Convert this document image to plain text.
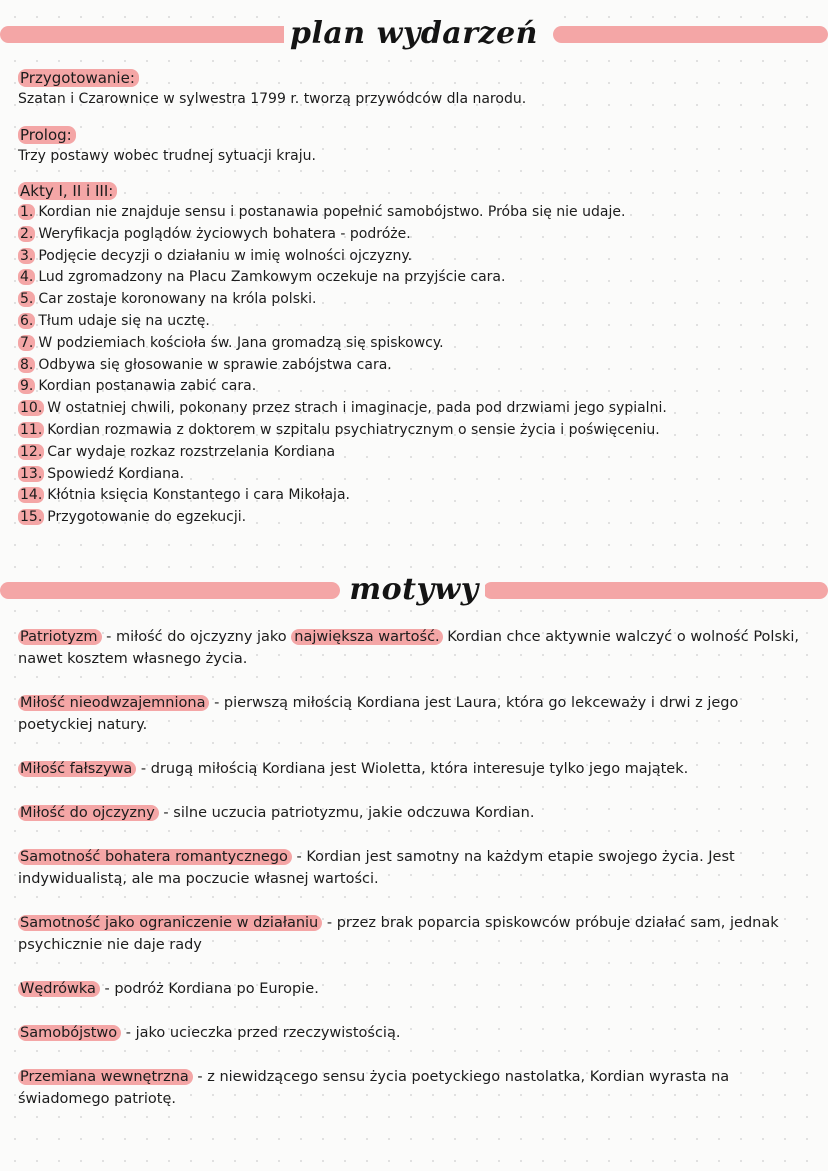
plan wydarzeń
Przygotowanie:
Szatan i Czarownice w sylwestra 1799 r. tworzą przywódców dla narodu.
Prolog:
Trzy postawy wobec trudnej sytuacji kraju.
Akty I, II i III:
1. Kordian nie znajduje sensu i postanawia popełnić samobójstwo. Próba się nie udaje.
2. Weryfikacja poglądów życiowych bohatera - podróże.
3. Podjęcie decyzji o działaniu w imię wolności ojczyzny.
4. Lud zgromadzony na Placu Zamkowym oczekuje na przyjście cara.
5. Car zostaje koronowany na króla polski.
6. Tłum udaje się na ucztę.
7. W podziemiach kościoła św. Jana gromadzą się spiskowcy.
8. Odbywa się głosowanie w sprawie zabójstwa cara.
9. Kordian postanawia zabić cara.
10. W ostatniej chwili, pokonany przez strach i imaginacje, pada pod drzwiami jego sypialni.
11. Kordian rozmawia z doktorem w szpitalu psychiatrycznym o sensie życia i poświęceniu.
12. Car wydaje rozkaz rozstrzelania Kordiana
13. Spowiedź Kordiana.
14. Kłótnia księcia Konstantego i cara Mikołaja.
15. Przygotowanie do egzekucji.
motywy
Patriotyzm - miłość do ojczyzny jako największa wartość. Kordian chce aktywnie walczyć o wolność Polski, nawet kosztem własnego życia.
Miłość nieodwzajemniona - pierwszą miłością Kordiana jest Laura, która go lekceważy i drwi z jego poetyckiej natury.
Miłość fałszywa - drugą miłością Kordiana jest Wioletta, która interesuje tylko jego majątek.
Miłość do ojczyzny - silne uczucia patriotyzmu, jakie odczuwa Kordian.
Samotność bohatera romantycznego - Kordian jest samotny na każdym etapie swojego życia. Jest indywidualistą, ale ma poczucie własnej wartości.
Samotność jako ograniczenie w działaniu - przez brak poparcia spiskowców próbuje działać sam, jednak psychicznie nie daje rady
Wędrówka - podróż Kordiana po Europie.
Samobójstwo - jako ucieczka przed rzeczywistością.
Przemiana wewnętrzna - z niewidzącego sensu życia poetyckiego nastolatka, Kordian wyrasta na świadomego patriotę.
